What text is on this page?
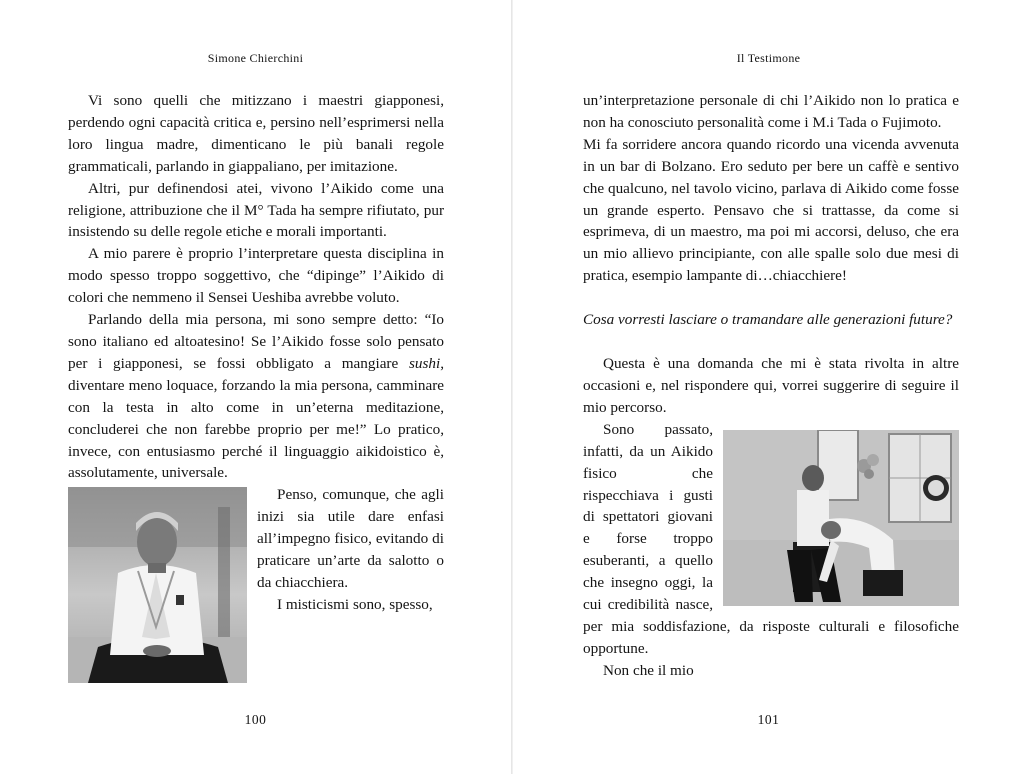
Simone Chierchini

Vi sono quelli che mitizzano i maestri giapponesi, perdendo ogni capacità critica e, persino nell’esprimersi nella loro lingua madre, dimenticano le più banali regole grammaticali, parlando in giappaliano, per imitazione.

Altri, pur definendosi atei, vivono l’Aikido come una religione, attribuzione che il M° Tada ha sempre rifiutato, pur insistendo su delle regole etiche e morali importanti.

A mio parere è proprio l’interpretare questa disciplina in modo spesso troppo soggettivo, che “dipinge” l’Aikido di colori che nemmeno il Sensei Ueshiba avrebbe voluto.

Parlando della mia persona, mi sono sempre detto: “Io sono italiano ed altoatesino! Se l’Aikido fosse solo pensato per i giapponesi, se fossi obbligato a mangiare sushi, diventare meno loquace, forzando la mia persona, camminare con la testa in alto come in un’eterna meditazione, concluderei che non farebbe proprio per me!” Lo pratico, invece, con entusiasmo perché il linguaggio aikidoistico è, assolutamente, universale.

Penso, comunque, che agli inizi sia utile dare enfasi all’impegno fisico, evitando di praticare un’arte da salotto o da chiacchiera.

I misticismi sono, spesso,

100
Il Testimone

un’interpretazione personale di chi l’Aikido non lo pratica e non ha conosciuto personalità come i M.i Tada o Fujimoto.

Mi fa sorridere ancora quando ricordo una vicenda avvenuta in un bar di Bolzano. Ero seduto per bere un caffè e sentivo che qualcuno, nel tavolo vicino, parlava di Aikido come fosse un grande esperto. Pensavo che si trattasse, da come si esprimeva, di un maestro, ma poi mi accorsi, deluso, che era un mio allievo principiante, con alle spalle solo due mesi di pratica, esempio lampante di…chiacchiere!

Cosa vorresti lasciare o tramandare alle generazioni future?

Questa è una domanda che mi è stata rivolta in altre occasioni e, nel rispondere qui, vorrei suggerire di seguire il mio percorso.

Sono passato, infatti, da un Aikido fisico che rispecchiava i gusti di spettatori giovani e forse troppo esuberanti, a quello che insegno oggi, la cui credibilità nasce, per mia soddisfazione, da risposte culturali e filosofiche opportune.

Non che il mio

101
